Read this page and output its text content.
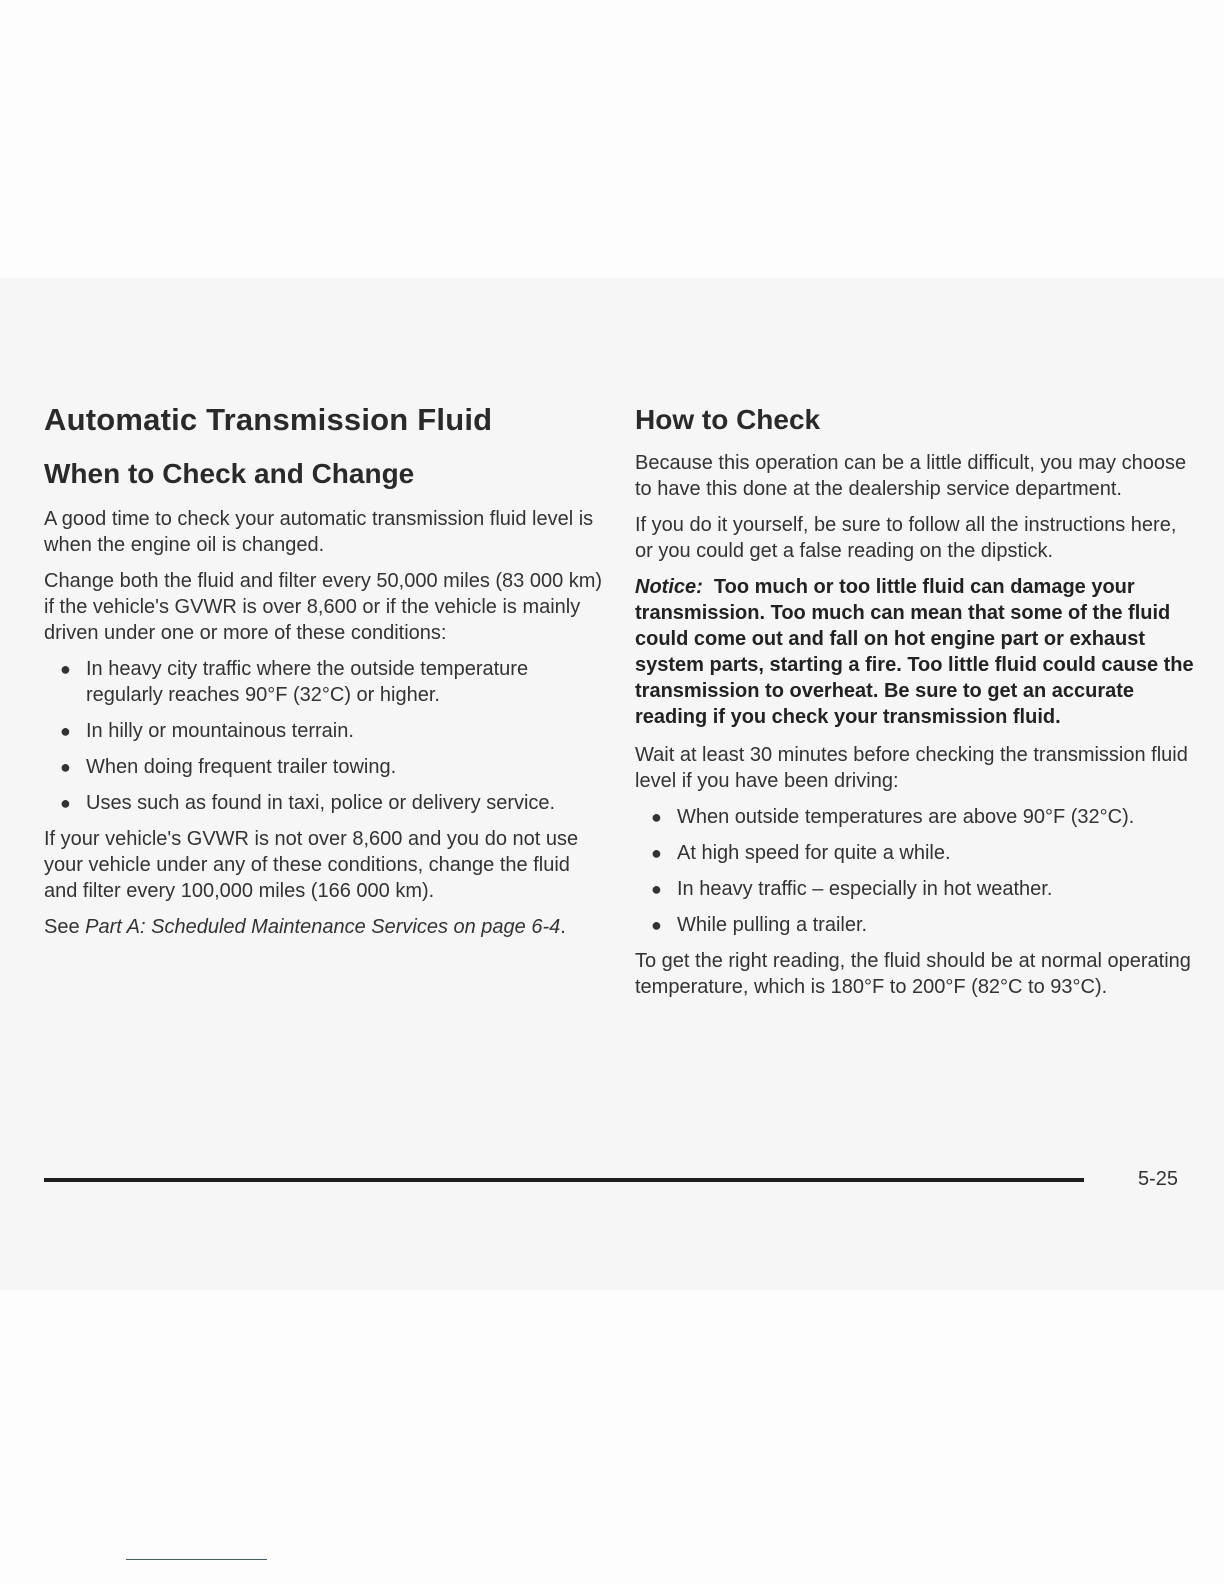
Automatic Transmission Fluid
When to Check and Change

A good time to check your automatic transmission fluid level is when the engine oil is changed.

Change both the fluid and filter every 50,000 miles (83 000 km) if the vehicle's GVWR is over 8,600 or if the vehicle is mainly driven under one or more of these conditions:

● In heavy city traffic where the outside temperature regularly reaches 90°F (32°C) or higher.
● In hilly or mountainous terrain.
● When doing frequent trailer towing.
● Uses such as found in taxi, police or delivery service.

If your vehicle's GVWR is not over 8,600 and you do not use your vehicle under any of these conditions, change the fluid and filter every 100,000 miles (166 000 km).

See Part A: Scheduled Maintenance Services on page 6-4.

How to Check

Because this operation can be a little difficult, you may choose to have this done at the dealership service department.

If you do it yourself, be sure to follow all the instructions here, or you could get a false reading on the dipstick.

Notice: Too much or too little fluid can damage your transmission. Too much can mean that some of the fluid could come out and fall on hot engine part or exhaust system parts, starting a fire. Too little fluid could cause the transmission to overheat. Be sure to get an accurate reading if you check your transmission fluid.

Wait at least 30 minutes before checking the transmission fluid level if you have been driving:

● When outside temperatures are above 90°F (32°C).
● At high speed for quite a while.
● In heavy traffic – especially in hot weather.
● While pulling a trailer.

To get the right reading, the fluid should be at normal operating temperature, which is 180°F to 200°F (82°C to 93°C).

5-25
